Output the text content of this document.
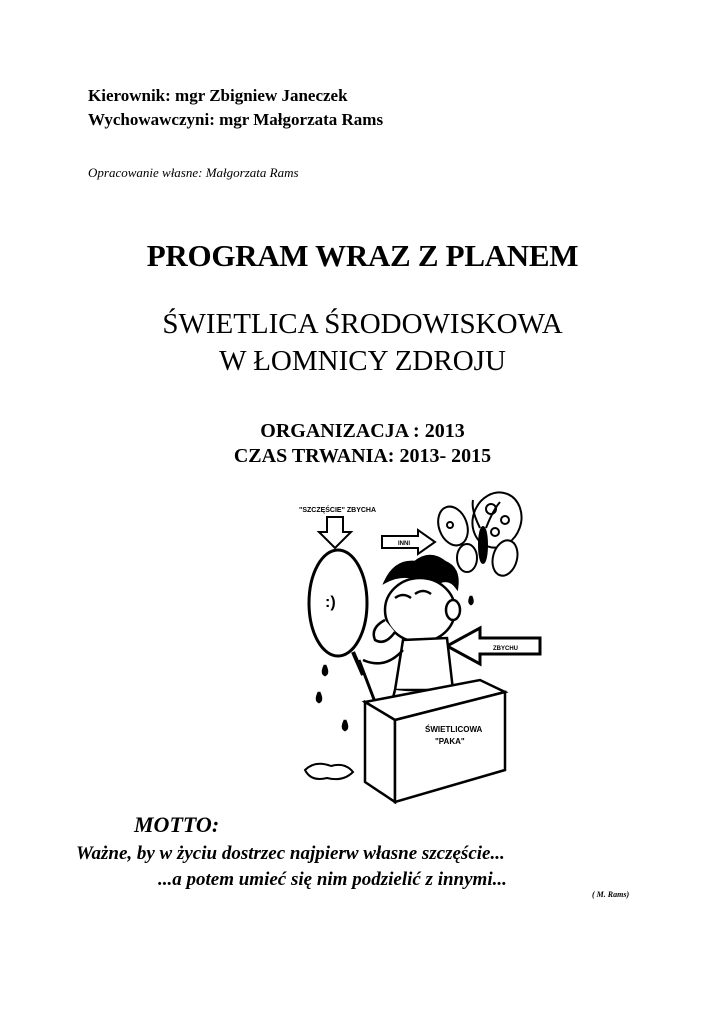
Kierownik: mgr Zbigniew Janeczek
Wychowawczyni: mgr Małgorzata Rams
Opracowanie własne: Małgorzata Rams
PROGRAM WRAZ Z PLANEM
ŚWIETLICA ŚRODOWISKOWA
W ŁOMNICY ZDROJU
ORGANIZACJA : 2013
CZAS TRWANIA: 2013- 2015
"SZCZĘŚCIE" ZBYCHA
:)
INNI
ZBYCHU
ŚWIETLICOWA
"PAKA"
MOTTO:
Ważne, by w życiu dostrzec najpierw własne szczęście...
...a potem umieć się nim podzielić z innymi...
( M. Rams)
